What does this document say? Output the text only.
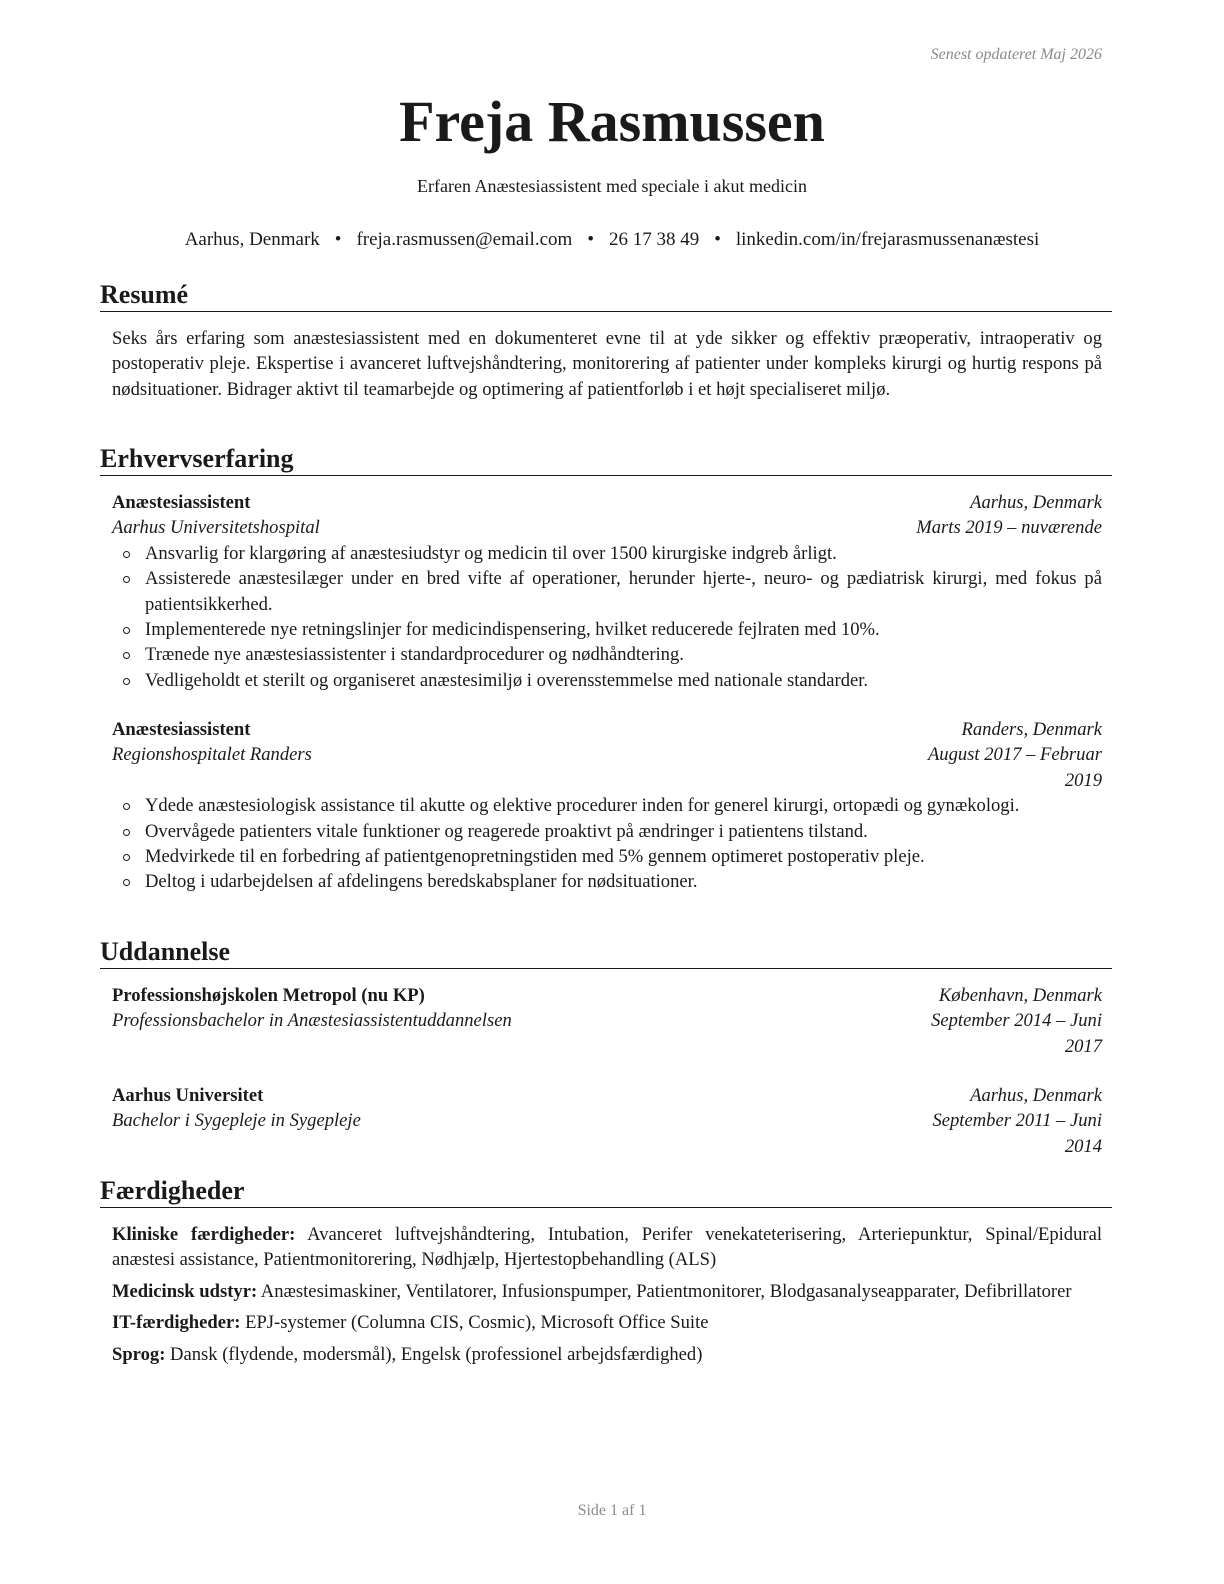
Senest opdateret Maj 2026
Freja Rasmussen
Erfaren Anæstesiassistent med speciale i akut medicin
Aarhus, Denmark • freja.rasmussen@email.com • 26 17 38 49 • linkedin.com/in/frejarasmussenanæstesi
Resumé
Seks års erfaring som anæstesiassistent med en dokumenteret evne til at yde sikker og effektiv præoperativ, intraoperativ og postoperativ pleje. Ekspertise i avanceret luftvejshåndtering, monitorering af patienter under kompleks kirurgi og hurtig respons på nødsituationer. Bidrager aktivt til teamarbejde og optimering af patientforløb i et højt specialiseret miljø.
Erhvervserfaring
Anæstesiassistent	Aarhus, Denmark
Aarhus Universitetshospital	Marts 2019 – nuværende
Ansvarlig for klargøring af anæstesiudstyr og medicin til over 1500 kirurgiske indgreb årligt.
Assisterede anæstesilæger under en bred vifte af operationer, herunder hjerte-, neuro- og pædiatrisk kirurgi, med fokus på patientsikkerhed.
Implementerede nye retningslinjer for medicindispensering, hvilket reducerede fejlraten med 10%.
Trænede nye anæstesiassistenter i standardprocedurer og nødhåndtering.
Vedligeholdt et sterilt og organiseret anæstesimiljø i overensstemmelse med nationale standarder.
Anæstesiassistent	Randers, Denmark
Regionshospitalet Randers	August 2017 – Februar
2019
Ydede anæstesiologisk assistance til akutte og elektive procedurer inden for generel kirurgi, ortopædi og gynækologi.
Overvågede patienters vitale funktioner og reagerede proaktivt på ændringer i patientens tilstand.
Medvirkede til en forbedring af patientgenopretningstiden med 5% gennem optimeret postoperativ pleje.
Deltog i udarbejdelsen af afdelingens beredskabsplaner for nødsituationer.
Uddannelse
Professionshøjskolen Metropol (nu KP)	København, Denmark
Professionsbachelor in Anæstesiassistentuddannelsen	September 2014 – Juni
2017
Aarhus Universitet	Aarhus, Denmark
Bachelor i Sygepleje in Sygepleje	September 2011 – Juni
2014
Færdigheder
Kliniske færdigheder: Avanceret luftvejshåndtering, Intubation, Perifer venekateterisering, Arteriepunktur, Spinal/Epidural anæstesi assistance, Patientmonitorering, Nødhjælp, Hjertestopbehandling (ALS)
Medicinsk udstyr: Anæstesimaskiner, Ventilatorer, Infusionspumper, Patientmonitorer, Blodgasanalyseapparater, Defibrillatorer
IT-færdigheder: EPJ-systemer (Columna CIS, Cosmic), Microsoft Office Suite
Sprog: Dansk (flydende, modersmål), Engelsk (professionel arbejdsfærdighed)
Side 1 af 1
